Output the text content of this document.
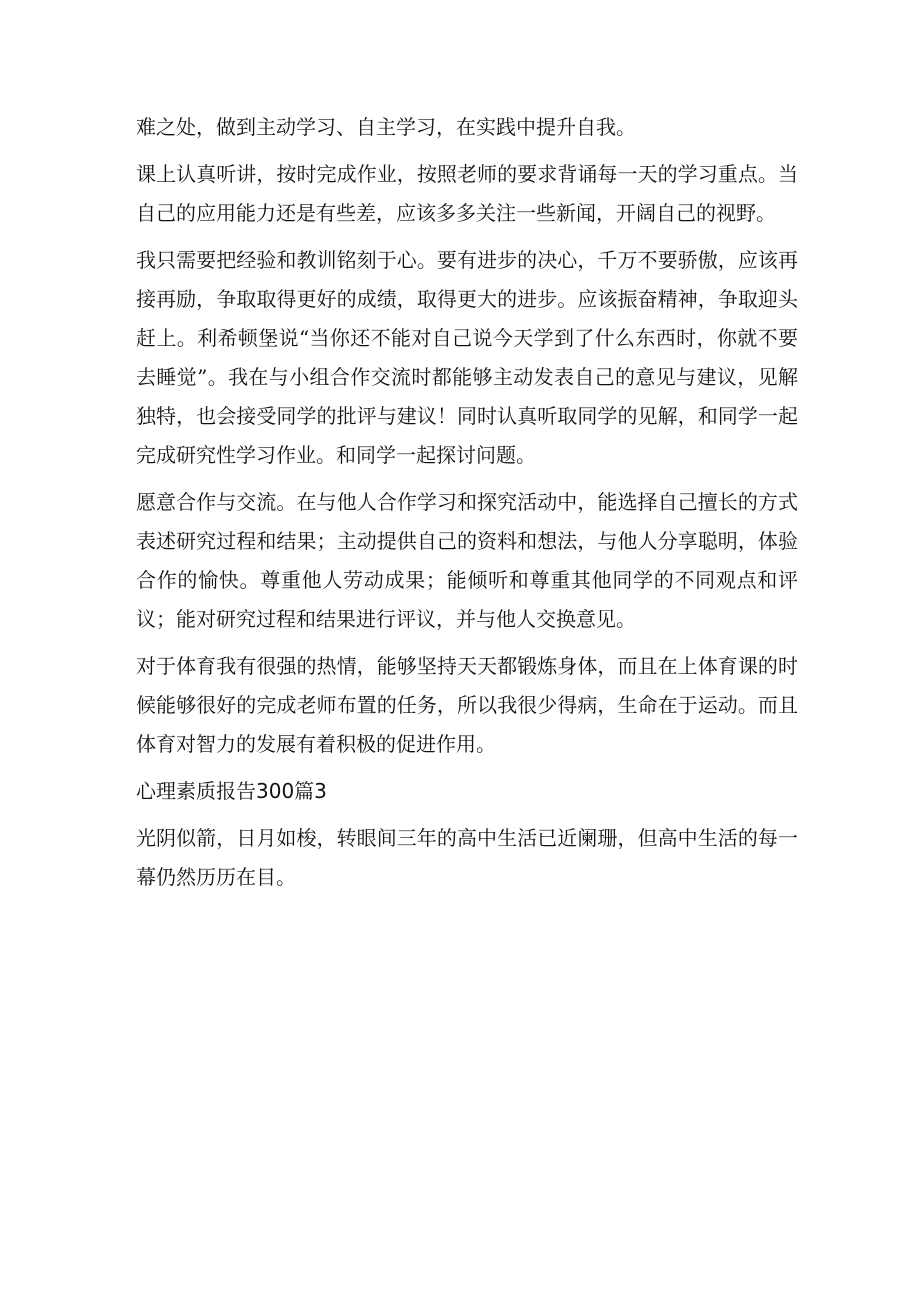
难之处，做到主动学习、自主学习，在实践中提升自我。

课上认真听讲，按时完成作业，按照老师的要求背诵每一天的学习重点。当自己的应用能力还是有些差，应该多多关注一些新闻，开阔自己的视野。

我只需要把经验和教训铭刻于心。要有进步的决心，千万不要骄傲，应该再接再励，争取取得更好的成绩，取得更大的进步。应该振奋精神，争取迎头赶上。利希顿堡说“当你还不能对自己说今天学到了什么东西时，你就不要去睡觉”。我在与小组合作交流时都能够主动发表自己的意见与建议，见解独特，也会接受同学的批评与建议！同时认真听取同学的见解，和同学一起完成研究性学习作业。和同学一起探讨问题。

愿意合作与交流。在与他人合作学习和探究活动中，能选择自己擅长的方式表述研究过程和结果；主动提供自己的资料和想法，与他人分享聪明，体验合作的愉快。尊重他人劳动成果；能倾听和尊重其他同学的不同观点和评议；能对研究过程和结果进行评议，并与他人交换意见。

对于体育我有很强的热情，能够坚持天天都锻炼身体，而且在上体育课的时候能够很好的完成老师布置的任务，所以我很少得病，生命在于运动。而且体育对智力的发展有着积极的促进作用。

心理素质报告300篇3

光阴似箭，日月如梭，转眼间三年的高中生活已近阑珊，但高中生活的每一幕仍然历历在目。
